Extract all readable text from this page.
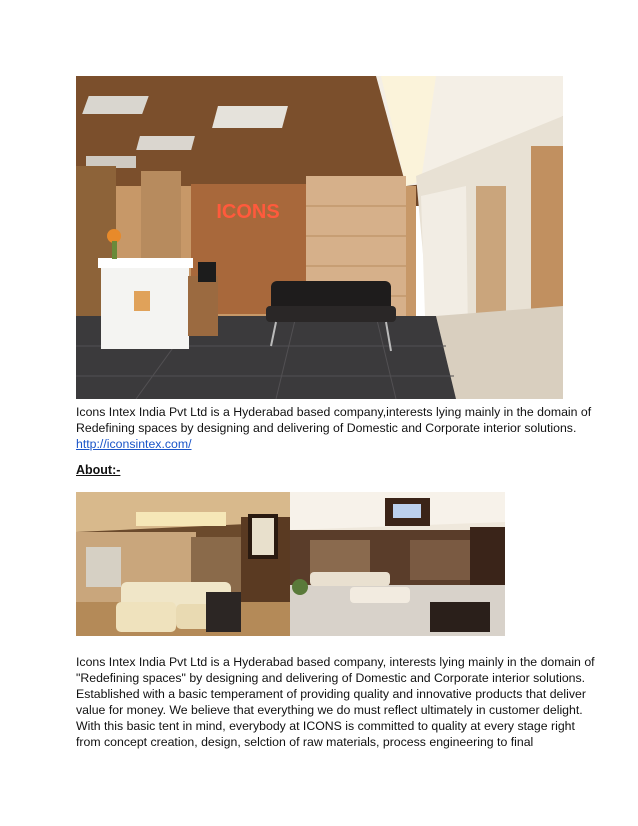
ICONS

Icons Intex India Pvt Ltd is a Hyderabad based company,interests lying mainly in the domain of
Redefining spaces by designing and delivering of Domestic and Corporate interior solutions.

http://iconsintex.com/
About:-

Icons Intex India Pvt Ltd is a Hyderabad based company, interests lying mainly in the domain of
"Redefining spaces" by designing and delivering of Domestic and Corporate interior solutions.
Established with a basic temperament of providing quality and innovative products that deliver
value for money. We believe that everything we do must reflect ultimately in customer delight.
With this basic tent in mind, everybody at ICONS is committed to quality at every stage right
from concept creation, design, selction of raw materials, process engineering to final
